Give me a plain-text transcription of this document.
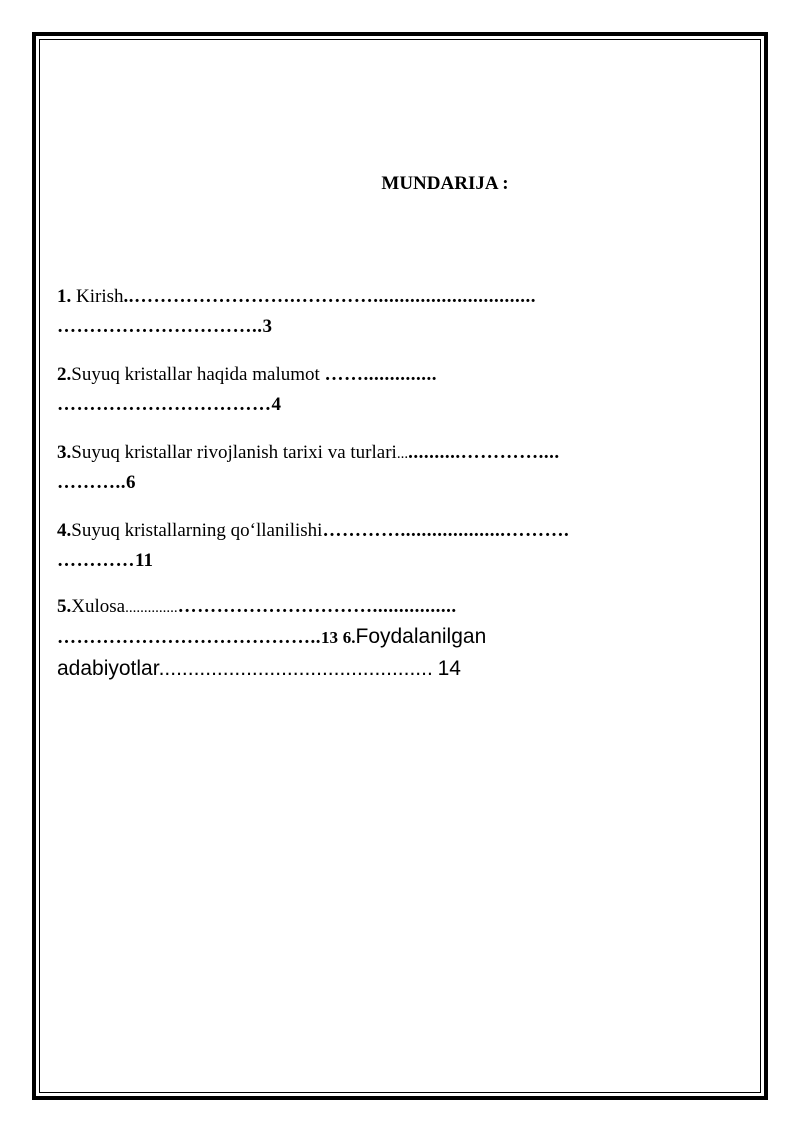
MUNDARIJA :
1. Kirish..…………………….…………...............................
…………………………..3
2.Suyuq kristallar haqida malumot ……..............
……………………………4
3.Suyuq kristallar rivojlanish tarixi va turlari.............…………....
………..6
4.Suyuq kristallarning qo‘llanilishi…………....................……….
…………11
5.Xulosa..............…………………………................
…………………………………..13 6.Foydalanilgan
adabiyotlar............................................... 14
